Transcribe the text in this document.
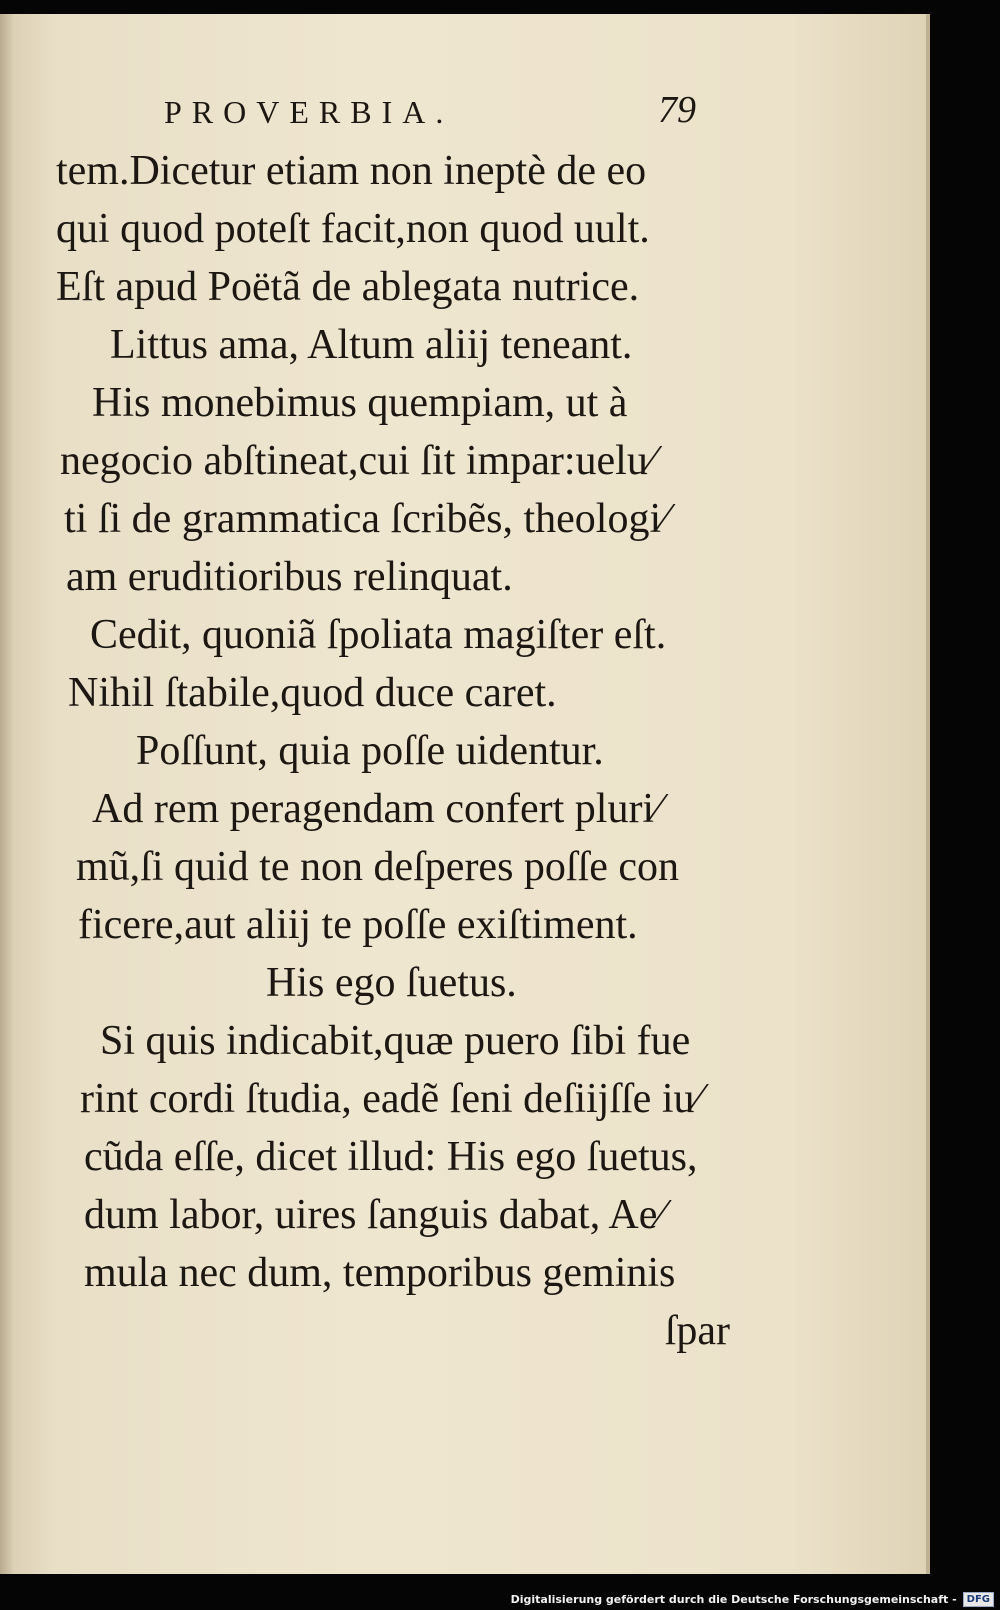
PROVERBIA.	79
tem.Dicetur etiam non ineptè de eo
qui quod poteſt facit,non quod uult.
Eſt apud Poëtã de ablegata nutrice.
Littus ama, Altum aliĳ teneant.
His monebimus quempiam, ut à
negocio abſtineat,cui ſit impar:uelu⁄
ti ſi de grammatica ſcribẽs, theologi⁄
am eruditioribus relinquat.
Cedit, quoniã ſpoliata magiſter eſt.
Nihil ſtabile,quod duce caret.
Poſſunt, quia poſſe uidentur.
Ad rem peragendam confert pluri⁄
mũ,ſi quid te non deſperes poſſe con
ficere,aut aliĳ te poſſe exiſtiment.
His ego ſuetus.
Si quis indicabit,quæ puero ſibi fue
rint cordi ſtudia, eadẽ ſeni deſiĳſſe iu⁄
cũda eſſe, dicet illud: His ego ſuetus,
dum labor, uires ſanguis dabat, Ae⁄
mula nec dum, temporibus geminis
ſpar
Digitalisierung gefördert durch die Deutsche Forschungsgemeinschaft -	DFG
